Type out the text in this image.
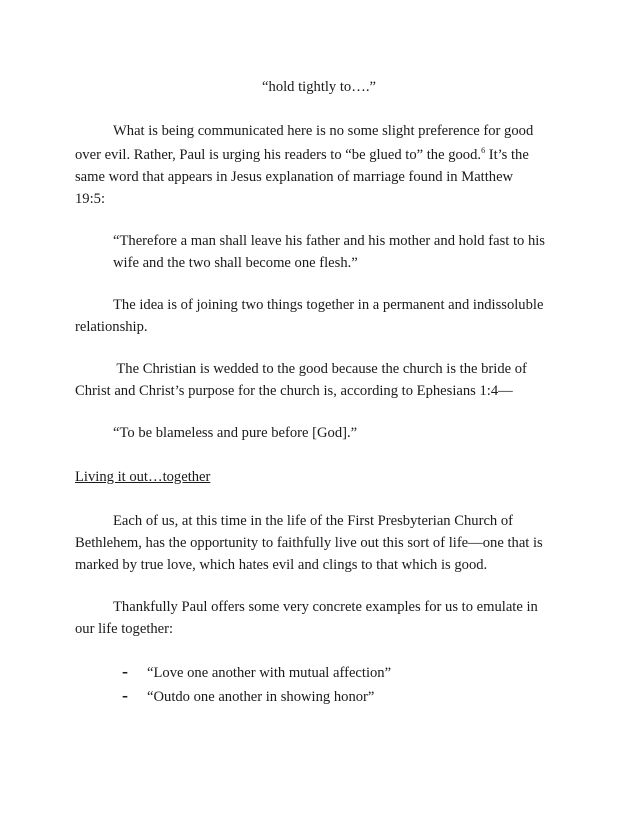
“hold tightly to….”
What is being communicated here is no some slight preference for good
over evil. Rather, Paul is urging his readers to “be glued to” the good.$^6$ It’s the
same word that appears in Jesus explanation of marriage found in Matthew
19:5:
“Therefore a man shall leave his father and his mother and hold fast to his
wife and the two shall become one flesh.”
The idea is of joining two things together in a permanent and indissoluble
relationship.
The Christian is wedded to the good because the church is the bride of
Christ and Christ’s purpose for the church is, according to Ephesians 1:4—
“To be blameless and pure before [God].”
Living it out…together
Each of us, at this time in the life of the First Presbyterian Church of
Bethlehem, has the opportunity to faithfully live out this sort of life—one that is
marked by true love, which hates evil and clings to that which is good.
Thankfully Paul offers some very concrete examples for us to emulate in
our life together:
- “Love one another with mutual affection”
- “Outdo one another in showing honor”
